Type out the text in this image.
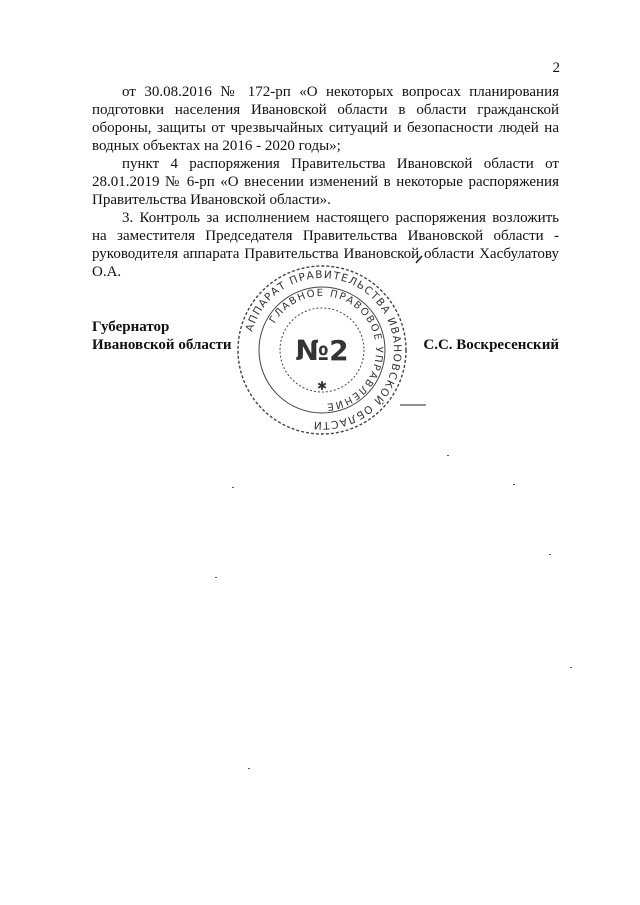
2

от 30.08.2016 № 172-рп «О некоторых вопросах планирования подготовки населения Ивановской области в области гражданской обороны, защиты от чрезвычайных ситуаций и безопасности людей на водных объектах на 2016 - 2020 годы»;

пункт 4 распоряжения Правительства Ивановской области от 28.01.2019 № 6-рп «О внесении изменений в некоторые распоряжения Правительства Ивановской области».

3. Контроль за исполнением настоящего распоряжения возложить на заместителя Председателя Правительства Ивановской области - руководителя аппарата Правительства Ивановской области Хасбулатову О.А.

АППАРАТ ПРАВИТЕЛЬСТВА ИВАНОВСКОЙ ОБЛАСТИ
ГЛАВНОЕ ПРАВОВОЕ УПРАВЛЕНИЕ
№2
✱
Губернатор
Ивановской области	С.С. Воскресенский
